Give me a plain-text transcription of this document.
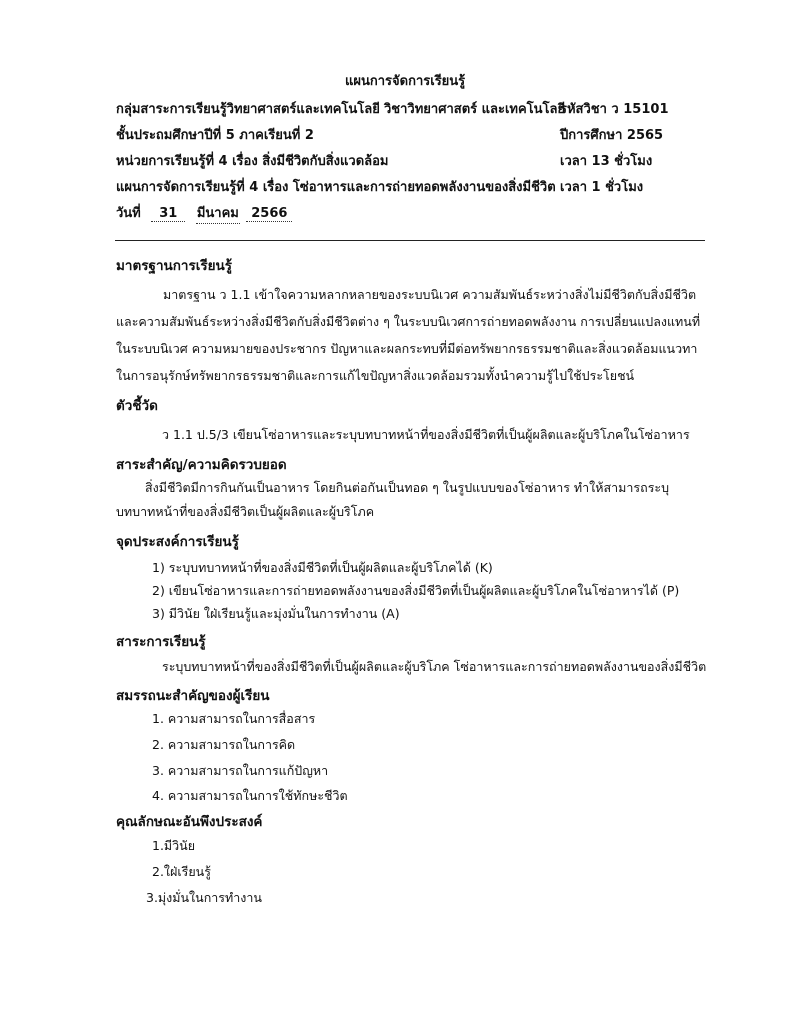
แผนการจัดการเรียนรู้
กลุ่มสาระการเรียนรู้วิทยาศาสตร์และเทคโนโลยี วิชาวิทยาศาสตร์ และเทคโนโลยี
รหัสวิชา ว 15101
ชั้นประถมศึกษาปีที่ 5 ภาคเรียนที่ 2	ปีการศึกษา 2565
หน่วยการเรียนรู้ที่ 4 เรื่อง สิ่งมีชีวิตกับสิ่งแวดล้อม	เวลา 13 ชั่วโมง
แผนการจัดการเรียนรู้ที่ 4 เรื่อง โซ่อาหารและการถ่ายทอดพลังงานของสิ่งมีชีวิต เวลา 1 ชั่วโมง
วันที่ 31 มีนาคม 2566
มาตรฐานการเรียนรู้
มาตรฐาน ว 1.1 เข้าใจความหลากหลายของระบบนิเวศ ความสัมพันธ์ระหว่างสิ่งไม่มีชีวิตกับสิ่งมีชีวิต
และความสัมพันธ์ระหว่างสิ่งมีชีวิตกับสิ่งมีชีวิตต่าง ๆ ในระบบนิเวศการถ่ายทอดพลังงาน การเปลี่ยนแปลงแทนที่
ในระบบนิเวศ ความหมายของประชากร ปัญหาและผลกระทบที่มีต่อทรัพยากรธรรมชาติและสิ่งแวดล้อมแนวทา
ในการอนุรักษ์ทรัพยากรธรรมชาติและการแก้ไขปัญหาสิ่งแวดล้อมรวมทั้งนำความรู้ไปใช้ประโยชน์
ตัวชี้วัด
ว 1.1 ป.5/3 เขียนโซ่อาหารและระบุบทบาทหน้าที่ของสิ่งมีชีวิตที่เป็นผู้ผลิตและผู้บริโภคในโซ่อาหาร
สาระสำคัญ/ความคิดรวบยอด
สิ่งมีชีวิตมีการกินกันเป็นอาหาร โดยกินต่อกันเป็นทอด ๆ ในรูปแบบของโซ่อาหาร ทำให้สามารถระบุ
บทบาทหน้าที่ของสิ่งมีชีวิตเป็นผู้ผลิตและผู้บริโภค
จุดประสงค์การเรียนรู้
1) ระบุบทบาทหน้าที่ของสิ่งมีชีวิตที่เป็นผู้ผลิตและผู้บริโภคได้ (K)
2) เขียนโซ่อาหารและการถ่ายทอดพลังงานของสิ่งมีชีวิตที่เป็นผู้ผลิตและผู้บริโภคในโซ่อาหารได้ (P)
3) มีวินัย ใฝ่เรียนรู้และมุ่งมั่นในการทำงาน (A)
สาระการเรียนรู้
ระบุบทบาทหน้าที่ของสิ่งมีชีวิตที่เป็นผู้ผลิตและผู้บริโภค โซ่อาหารและการถ่ายทอดพลังงานของสิ่งมีชีวิต
สมรรถนะสำคัญของผู้เรียน
1. ความสามารถในการสื่อสาร
2. ความสามารถในการคิด
3. ความสามารถในการแก้ปัญหา
4. ความสามารถในการใช้ทักษะชีวิต
คุณลักษณะอันพึงประสงค์
1.มีวินัย
2.ใฝ่เรียนรู้
3.มุ่งมั่นในการทำงาน
